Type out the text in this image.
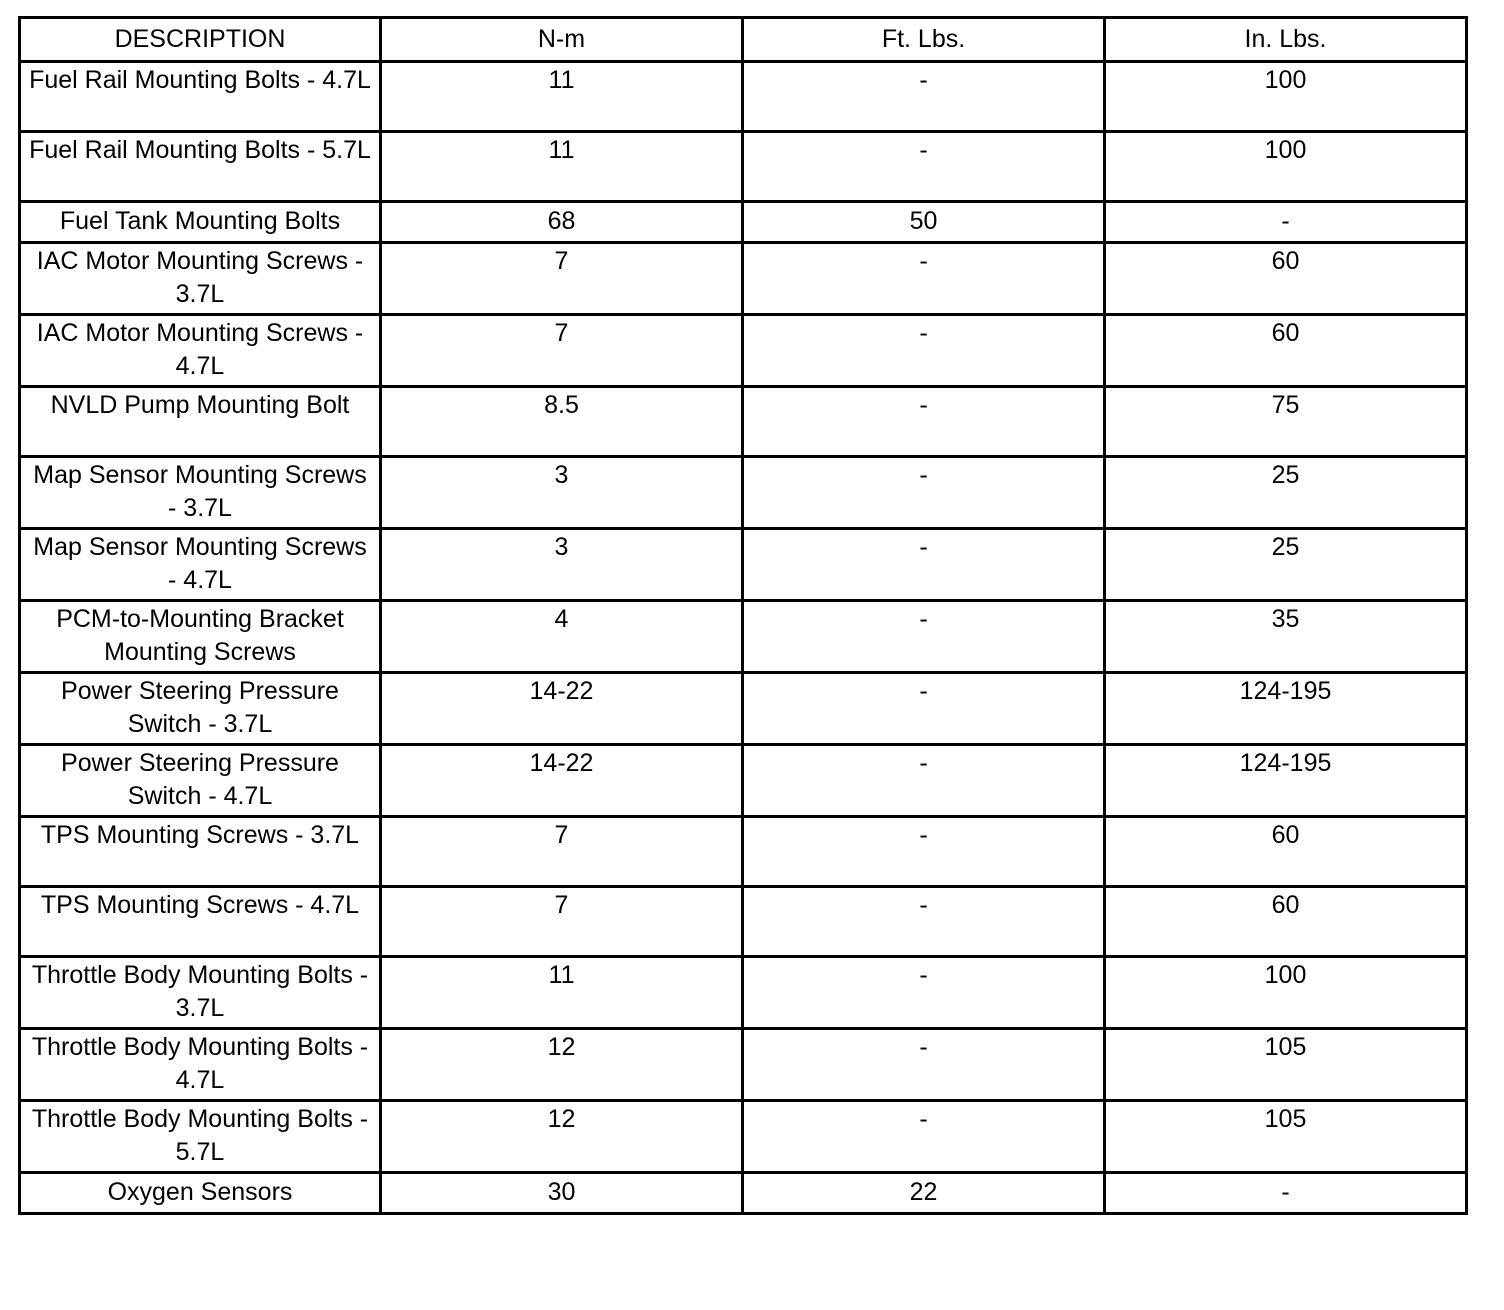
DESCRIPTION	N-m	Ft. Lbs.	In. Lbs.
Fuel Rail Mounting Bolts - 4.7L	11	-	100
Fuel Rail Mounting Bolts - 5.7L	11	-	100
Fuel Tank Mounting Bolts	68	50	-
IAC Motor Mounting Screws - 3.7L	7	-	60
IAC Motor Mounting Screws - 4.7L	7	-	60
NVLD Pump Mounting Bolt	8.5	-	75
Map Sensor Mounting Screws - 3.7L	3	-	25
Map Sensor Mounting Screws - 4.7L	3	-	25
PCM-to-Mounting Bracket Mounting Screws	4	-	35
Power Steering Pressure Switch - 3.7L	14-22	-	124-195
Power Steering Pressure Switch - 4.7L	14-22	-	124-195
TPS Mounting Screws - 3.7L	7	-	60
TPS Mounting Screws - 4.7L	7	-	60
Throttle Body Mounting Bolts - 3.7L	11	-	100
Throttle Body Mounting Bolts - 4.7L	12	-	105
Throttle Body Mounting Bolts - 5.7L	12	-	105
Oxygen Sensors	30	22	-
